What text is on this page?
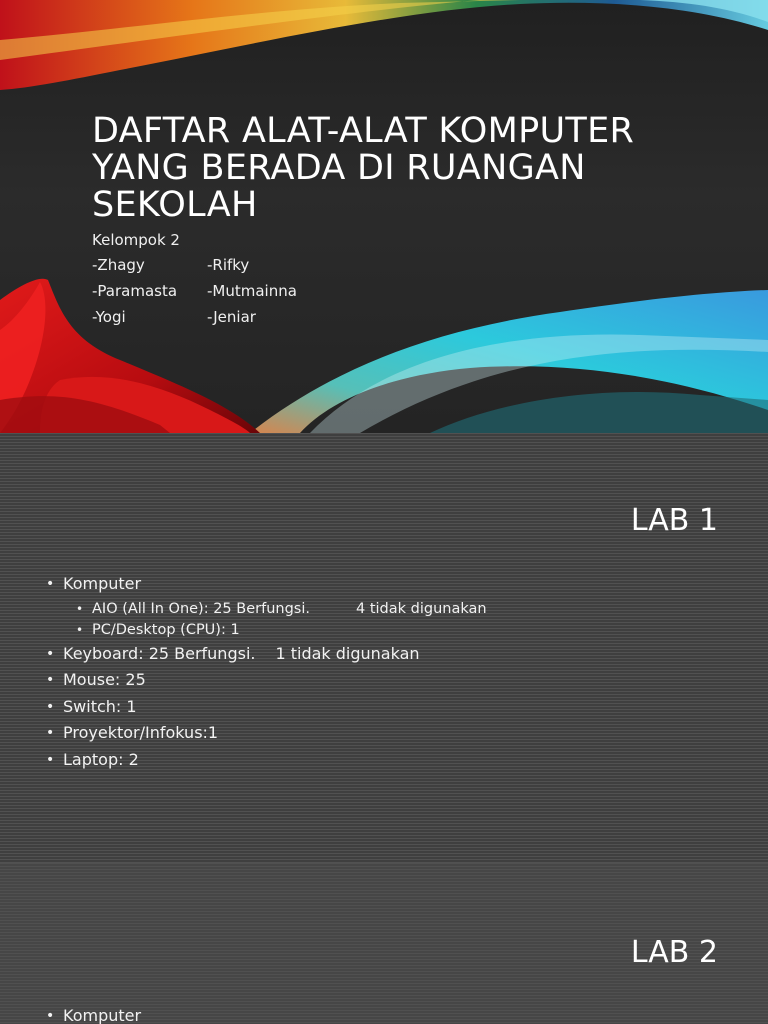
DAFTAR ALAT-ALAT KOMPUTER
YANG BERADA DI RUANGAN
SEKOLAH
Kelompok 2
-Zhagy	-Rifky
-Paramasta -Mutmainna
-Yogi	-Jeniar
LAB 1
• Komputer
• AIO (All In One): 25 Berfungsi.	4 tidak digunakan
• PC/Desktop (CPU): 1
• Keyboard: 25 Berfungsi. 1 tidak digunakan
• Mouse: 25
• Switch: 1
• Proyektor/Infokus:1
• Laptop: 2
LAB 2
• Komputer
